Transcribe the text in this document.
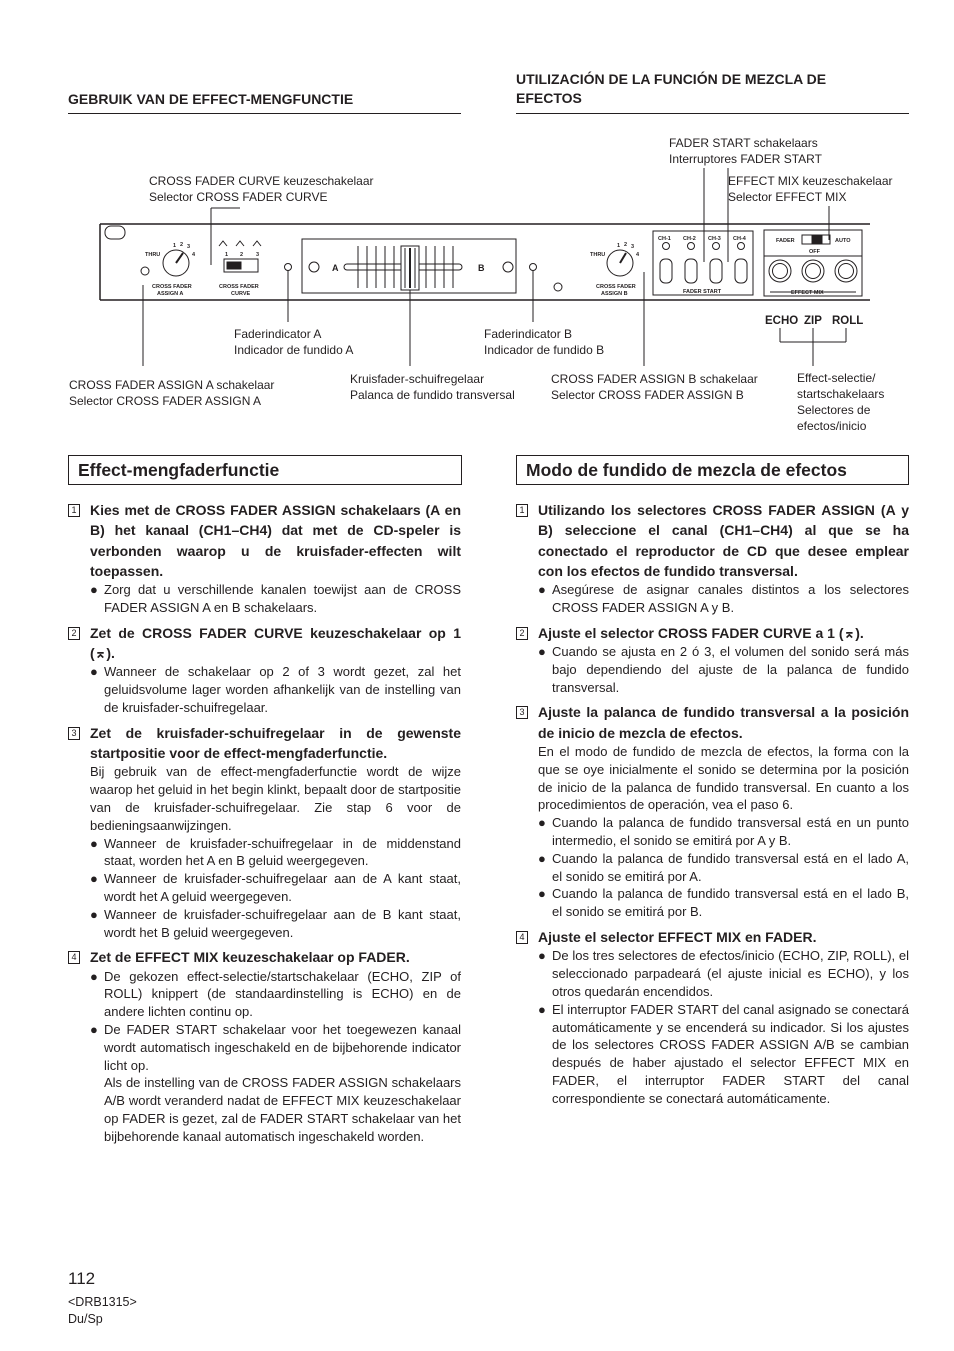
GEBRUIK VAN DE EFFECT-MENGFUNCTIE
UTILIZACIÓN DE LA FUNCIÓN DE MEZCLA DE
EFECTOS
FADER START schakelaars
Interruptores FADER START
EFFECT MIX keuzeschakelaar
Selector EFFECT MIX
CROSS FADER CURVE keuzeschakelaar
Selector CROSS FADER CURVE
Faderindicator A
Indicador de fundido A
Faderindicator B
Indicador de fundido B
CROSS FADER ASSIGN A schakelaar
Selector CROSS FADER ASSIGN A
Kruisfader-schuifregelaar
Palanca de fundido transversal
CROSS FADER ASSIGN B schakelaar
Selector CROSS FADER ASSIGN B
Effect-selectie/
startschakelaars
Selectores de
efectos/inicio
THRU
1 2 3
4
CROSS FADER
ASSIGN A
1 2 3
CROSS FADER
CURVE
THRU
1 2 3
4
CROSS FADER
ASSIGN B
CH-1 CH-2 CH-3 CH-4
FADER START
FADER
OFF
AUTO
EFFECT MIX
A	B
ECHO ZIP ROLL
Effect-mengfaderfunctie	Modo de fundido de mezcla de efectos
1 Kies met de CROSS FADER ASSIGN schakelaars (A en B) het kanaal (CH1–CH4) dat met de CD-speler is verbonden waarop u de kruisfader-effecten wilt toepassen.
● Zorg dat u verschillende kanalen toewijst aan de CROSS FADER ASSIGN A en B schakelaars.
2 Zet de CROSS FADER CURVE keuzeschakelaar op 1 (⌅).
● Wanneer de schakelaar op 2 of 3 wordt gezet, zal het geluidsvolume lager worden afhankelijk van de instelling van de kruisfader-schuifregelaar.
3 Zet de kruisfader-schuifregelaar in de gewenste startpositie voor de effect-mengfaderfunctie.
Bij gebruik van de effect-mengfaderfunctie wordt de wijze waarop het geluid in het begin klinkt, bepaalt door de startpositie van de kruisfader-schuifregelaar. Zie stap 6 voor de bedieningsaanwijzingen.
● Wanneer de kruisfader-schuifregelaar in de middenstand staat, worden het A en B geluid weergegeven.
● Wanneer de kruisfader-schuifregelaar aan de A kant staat, wordt het A geluid weergegeven.
● Wanneer de kruisfader-schuifregelaar aan de B kant staat, wordt het B geluid weergegeven.
4 Zet de EFFECT MIX keuzeschakelaar op FADER.
● De gekozen effect-selectie/startschakelaar (ECHO, ZIP of ROLL) knippert (de standaardinstelling is ECHO) en de andere lichten continu op.
● De FADER START schakelaar voor het toegewezen kanaal wordt automatisch ingeschakeld en de bijbehorende indicator licht op.
Als de instelling van de CROSS FADER ASSIGN schakelaars A/B wordt veranderd nadat de EFFECT MIX keuzeschakelaar op FADER is gezet, zal de FADER START schakelaar van het bijbehorende kanaal automatisch ingeschakeld worden.
1 Utilizando los selectores CROSS FADER ASSIGN (A y B) seleccione el canal (CH1–CH4) al que se ha conectado el reproductor de CD que desee emplear con los efectos de fundido transversal.
● Asegúrese de asignar canales distintos a los selectores CROSS FADER ASSIGN A y B.
2 Ajuste el selector CROSS FADER CURVE a 1 (⌅).
● Cuando se ajusta en 2 ó 3, el volumen del sonido será más bajo dependiendo del ajuste de la palanca de fundido transversal.
3 Ajuste la palanca de fundido transversal a la posición de inicio de mezcla de efectos.
En el modo de fundido de mezcla de efectos, la forma con la que se oye inicialmente el sonido se determina por la posición de inicio de la palanca de fundido transversal. En cuanto a los procedimientos de operación, vea el paso 6.
● Cuando la palanca de fundido transversal está en un punto intermedio, el sonido se emitirá por A y B.
● Cuando la palanca de fundido transversal está en el lado A, el sonido se emitirá por A.
● Cuando la palanca de fundido transversal está en el lado B, el sonido se emitirá por B.
4 Ajuste el selector EFFECT MIX en FADER.
● De los tres selectores de efectos/inicio (ECHO, ZIP, ROLL), el seleccionado parpadeará (el ajuste inicial es ECHO), y los otros quedarán encendidos.
● El interruptor FADER START del canal asignado se conectará automáticamente y se encenderá su indicador. Si los ajustes de los selectores CROSS FADER ASSIGN A/B se cambian después de haber ajustado el selector EFFECT MIX en FADER, el interruptor FADER START del canal correspondiente se conectará automáticamente.
112
<DRB1315>
Du/Sp
